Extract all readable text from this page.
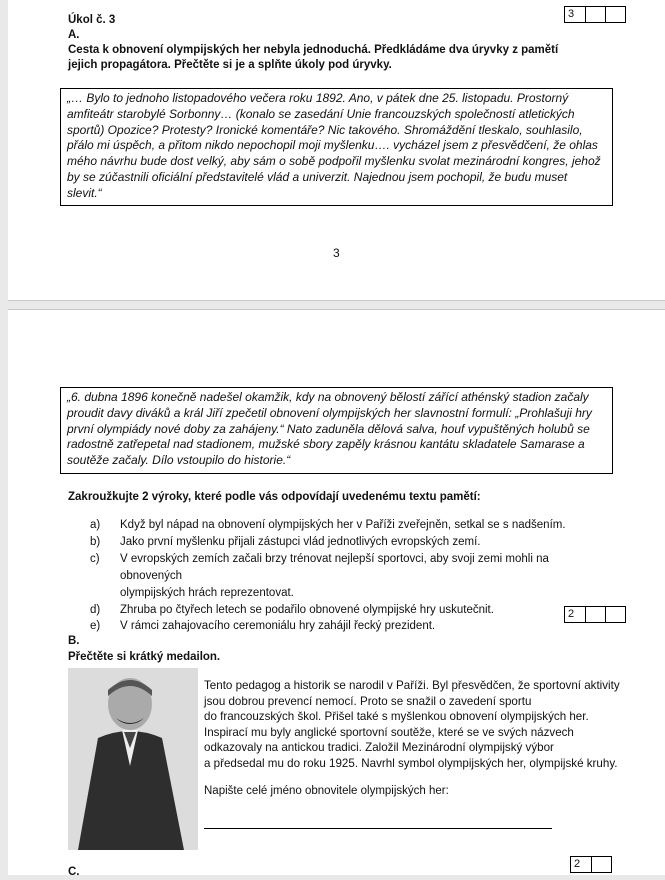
3
Úkol č. 3
A.
Cesta k obnovení olympijských her nebyla jednoduchá. Předkládáme dva úryvky z pamětí jejich propagátora. Přečtěte si je a splňte úkoly pod úryvky.
„… Bylo to jednoho listopadového večera roku 1892. Ano, v pátek dne 25. listopadu. Prostorný
amfiteátr starobylé Sorbonny… (konalo se zasedání Unie francouzských společností atletických
sportů) Opozice? Protesty? Ironické komentáře? Nic takového. Shromáždění tleskalo, souhlasilo,
přálo mi úspěch, a přitom nikdo nepochopil moji myšlenku…. vycházel jsem z přesvědčení, že ohlas
mého návrhu bude dost velký, aby sám o sobě podpořil myšlenku svolat mezinárodní kongres, jehož
by se zúčastnili oficiální představitelé vlád a univerzit. Najednou jsem pochopil, že budu muset
slevit.“
3
„6. dubna 1896 konečně nadešel okamžik, kdy na obnovený bělostí zářící athénský stadion začaly
proudit davy diváků a král Jiří zpečetil obnovení olympijských her slavnostní formulí: „Prohlašuji hry
první olympiády nové doby za zahájeny.“ Nato zaduněla dělová salva, houf vypuštěných holubů se
radostně zatřepetal nad stadionem, mužské sbory zapěly krásnou kantátu skladatele Samarase a
soutěže začaly. Dílo vstoupilo do historie.“
Zakroužkujte 2 výroky, které podle vás odpovídají uvedenému textu pamětí:
a) Když byl nápad na obnovení olympijských her v Paříži zveřejněn, setkal se s nadšením.
b) Jako první myšlenku přijali zástupci vlád jednotlivých evropských zemí.
c) V evropských zemích začali brzy trénovat nejlepší sportovci, aby svoji zemi mohli na obnovených
olympijských hrách reprezentovat.
d) Zhruba po čtyřech letech se podařilo obnovené olympijské hry uskutečnit.
e) V rámci zahajovacího ceremoniálu hry zahájil řecký prezident.
2
B.
Přečtěte si krátký medailon.
Tento pedagog a historik se narodil v Paříži. Byl přesvědčen, že sportovní aktivity
jsou dobrou prevencí nemocí. Proto se snažil o zavedení sportu
do francouzských škol. Přišel také s myšlenkou obnovení olympijských her.
Inspirací mu byly anglické sportovní soutěže, které se ve svých názvech
odkazovaly na antickou tradici. Založil Mezinárodní olympijský výbor
a předsedal mu do roku 1925. Navrhl symbol olympijských her, olympijské kruhy.
Napište celé jméno obnovitele olympijských her:
2
C.
